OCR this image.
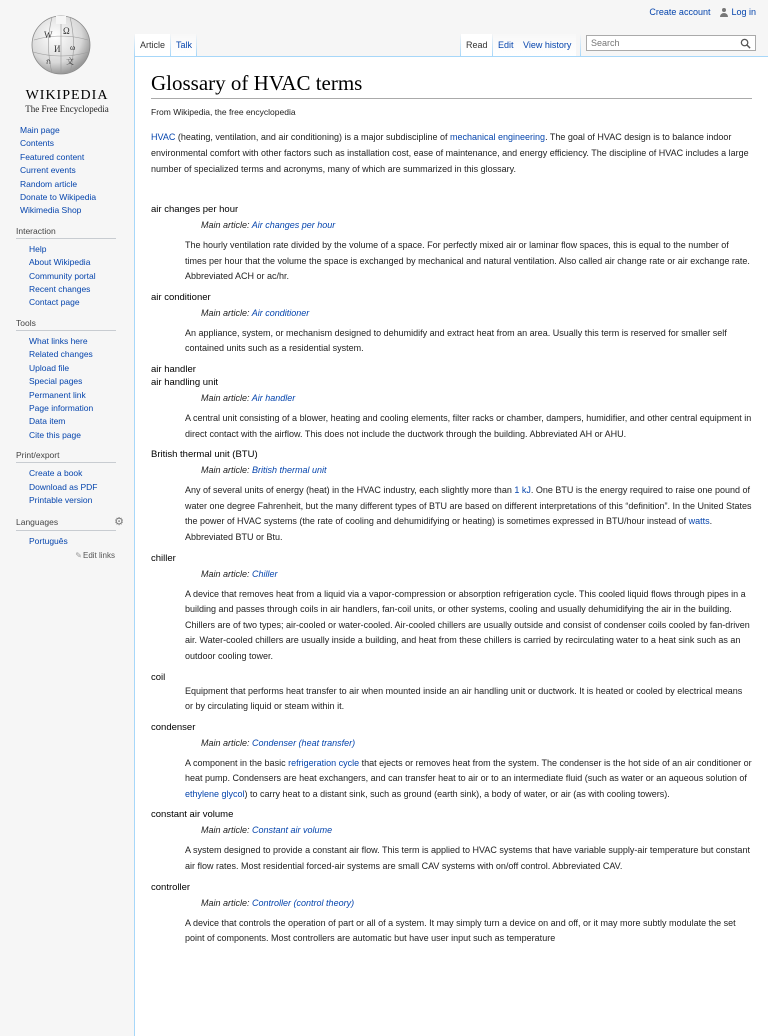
Create account Log in
W Ω
И ω
ก 文
WIKIPEDIA
The Free Encyclopedia
Main page
Contents
Featured content
Current events
Random article
Donate to Wikipedia
Wikimedia Shop
Interaction
Help
About Wikipedia
Community portal
Recent changes
Contact page
Tools
What links here
Related changes
Upload file
Special pages
Permanent link
Page information
Data item
Cite this page
Print/export
Create a book
Download as PDF
Printable version
Languages	⚙
Português
✎Edit links
Article Talk	Read Edit View history
Search
Glossary of HVAC terms
From Wikipedia, the free encyclopedia
HVAC (heating, ventilation, and air conditioning) is a major subdiscipline of mechanical engineering. The goal of HVAC design is to balance indoor environmental comfort with other factors such as installation cost, ease of maintenance, and energy efficiency. The discipline of HVAC includes a large number of specialized terms and acronyms, many of which are summarized in this glossary.
air changes per hour
Main article: Air changes per hour
The hourly ventilation rate divided by the volume of a space. For perfectly mixed air or laminar flow spaces, this is equal to the number of times per hour that the volume the space is exchanged by mechanical and natural ventilation. Also called air change rate or air exchange rate. Abbreviated ACH or ac/hr.
air conditioner
Main article: Air conditioner
An appliance, system, or mechanism designed to dehumidify and extract heat from an area. Usually this term is reserved for smaller self contained units such as a residential system.
air handler
air handling unit
Main article: Air handler
A central unit consisting of a blower, heating and cooling elements, filter racks or chamber, dampers, humidifier, and other central equipment in direct contact with the airflow. This does not include the ductwork through the building. Abbreviated AH or AHU.
British thermal unit (BTU)
Main article: British thermal unit
Any of several units of energy (heat) in the HVAC industry, each slightly more than 1 kJ. One BTU is the energy required to raise one pound of water one degree Fahrenheit, but the many different types of BTU are based on different interpretations of this “definition”. In the United States the power of HVAC systems (the rate of cooling and dehumidifying or heating) is sometimes expressed in BTU/hour instead of watts. Abbreviated BTU or Btu.
chiller
Main article: Chiller
A device that removes heat from a liquid via a vapor-compression or absorption refrigeration cycle. This cooled liquid flows through pipes in a building and passes through coils in air handlers, fan-coil units, or other systems, cooling and usually dehumidifying the air in the building. Chillers are of two types; air-cooled or water-cooled. Air-cooled chillers are usually outside and consist of condenser coils cooled by fan-driven air. Water-cooled chillers are usually inside a building, and heat from these chillers is carried by recirculating water to a heat sink such as an outdoor cooling tower.
coil
Equipment that performs heat transfer to air when mounted inside an air handling unit or ductwork. It is heated or cooled by electrical means or by circulating liquid or steam within it.
condenser
Main article: Condenser (heat transfer)
A component in the basic refrigeration cycle that ejects or removes heat from the system. The condenser is the hot side of an air conditioner or heat pump. Condensers are heat exchangers, and can transfer heat to air or to an intermediate fluid (such as water or an aqueous solution of ethylene glycol) to carry heat to a distant sink, such as ground (earth sink), a body of water, or air (as with cooling towers).
constant air volume
Main article: Constant air volume
A system designed to provide a constant air flow. This term is applied to HVAC systems that have variable supply-air temperature but constant air flow rates. Most residential forced-air systems are small CAV systems with on/off control. Abbreviated CAV.
controller
Main article: Controller (control theory)
A device that controls the operation of part or all of a system. It may simply turn a device on and off, or it may more subtly modulate the set point of components. Most controllers are automatic but have user input such as temperature
